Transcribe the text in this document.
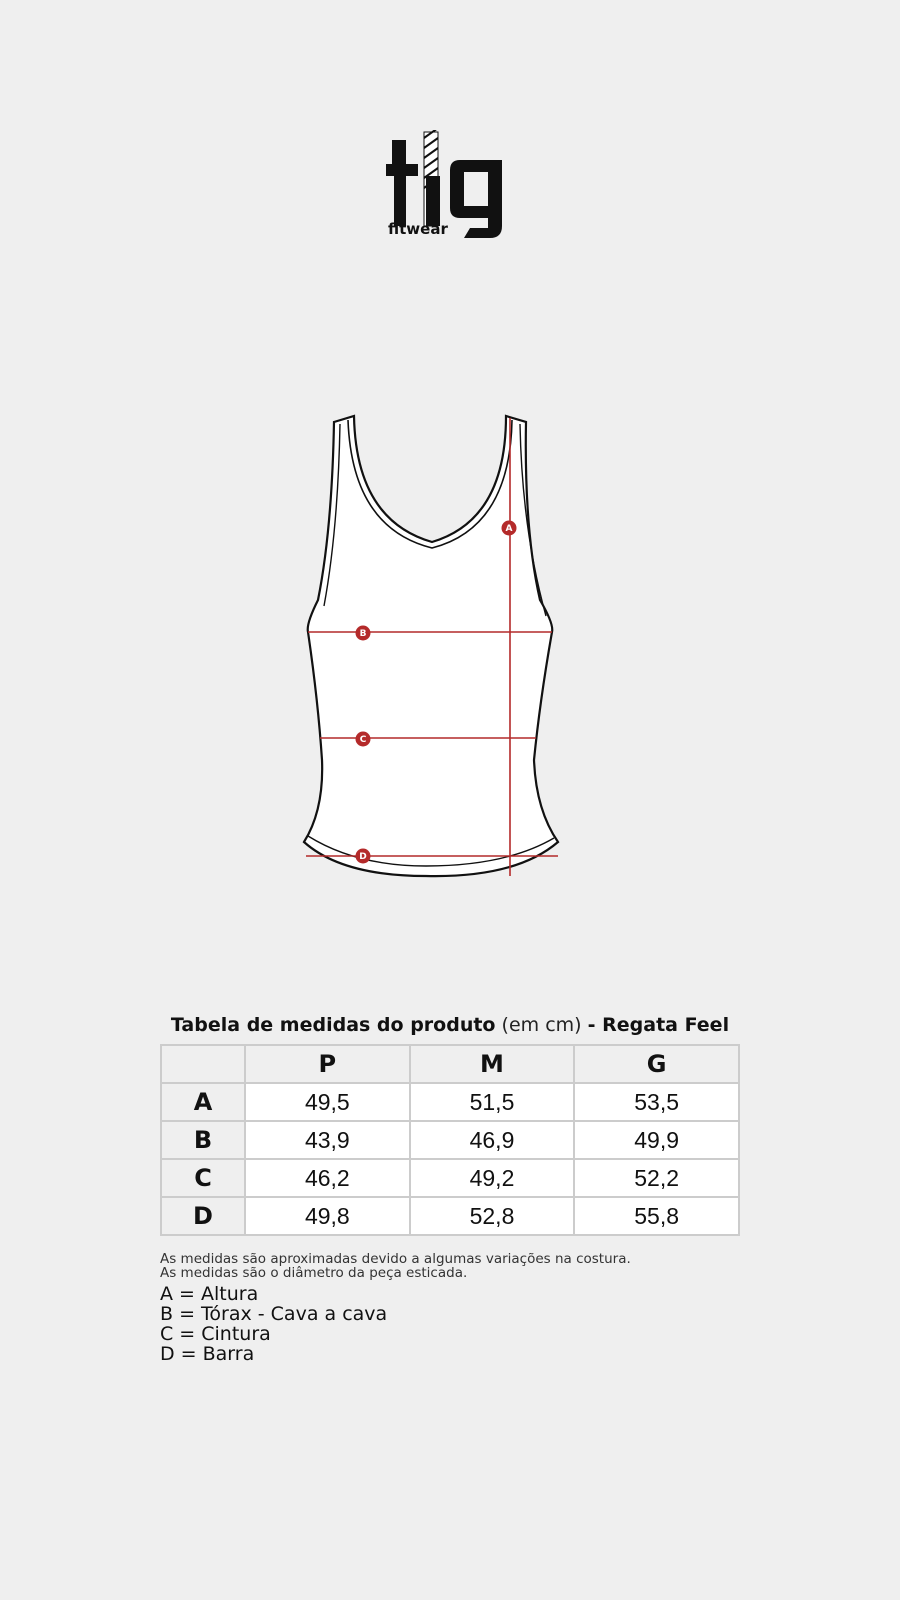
fitwear
A
B
C
D
Tabela de medidas do produto (em cm) - Regata Feel
	P	M	G
A	49,5	51,5	53,5
B	43,9	46,9	49,9
C	46,2	49,2	52,2
D	49,8	52,8	55,8
As medidas são aproximadas devido a algumas variações na costura.
As medidas são o diâmetro da peça esticada.
A = Altura
B = Tórax - Cava a cava
C = Cintura
D = Barra
